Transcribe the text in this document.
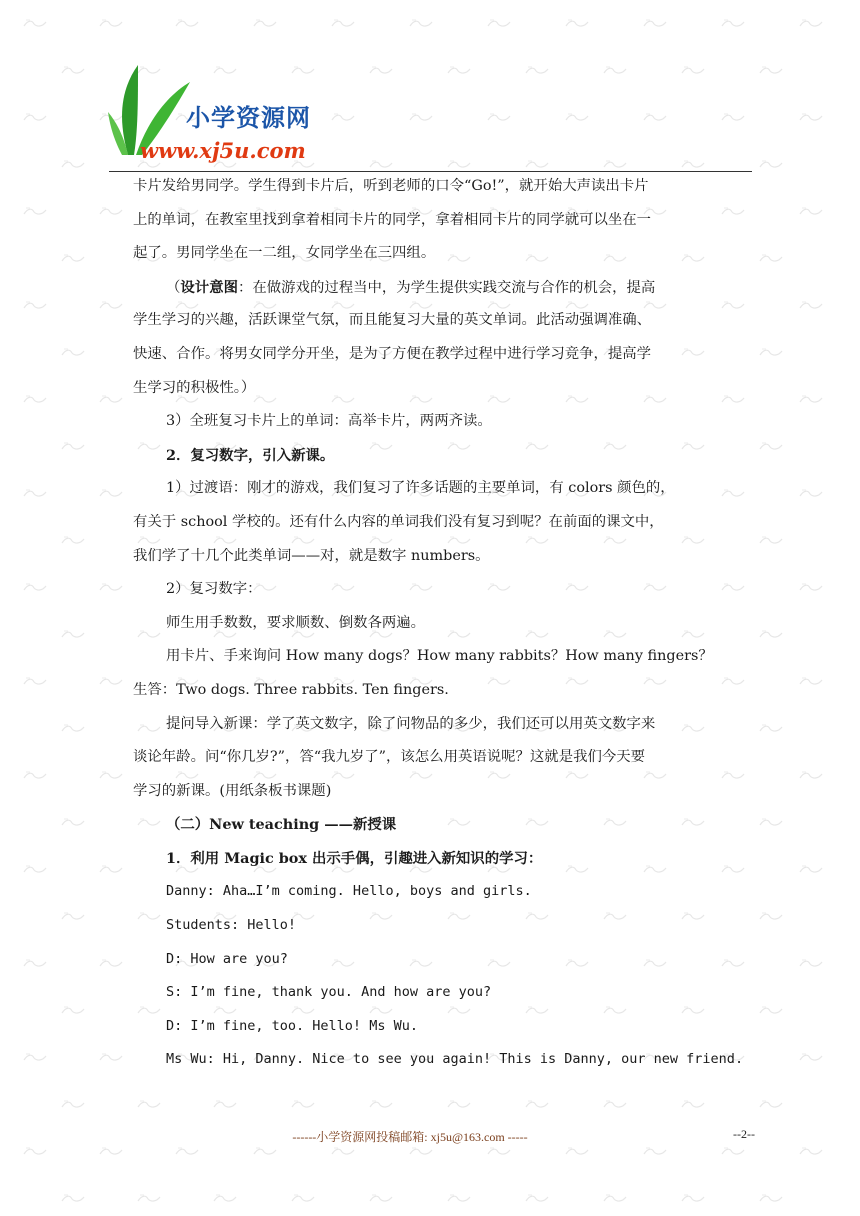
小学资源网
www.xj5u.com
卡片发给男同学。学生得到卡片后，听到老师的口令“Go!”，就开始大声读出卡片
上的单词，在教室里找到拿着相同卡片的同学，拿着相同卡片的同学就可以坐在一
起了。男同学坐在一二组，女同学坐在三四组。
（设计意图：在做游戏的过程当中，为学生提供实践交流与合作的机会，提高
学生学习的兴趣，活跃课堂气氛，而且能复习大量的英文单词。此活动强调准确、
快速、合作。将男女同学分开坐，是为了方便在教学过程中进行学习竞争，提高学
生学习的积极性。）
3）全班复习卡片上的单词：高举卡片，两两齐读。
2．复习数字，引入新课。
1）过渡语：刚才的游戏，我们复习了许多话题的主要单词，有 colors 颜色的，
有关于 school 学校的。还有什么内容的单词我们没有复习到呢？在前面的课文中，
我们学了十几个此类单词——对，就是数字 numbers。
2）复习数字：
师生用手数数，要求顺数、倒数各两遍。
用卡片、手来询问 How many dogs？How many rabbits？How many fingers？
生答：Two dogs. Three rabbits. Ten fingers.
提问导入新课：学了英文数字，除了问物品的多少，我们还可以用英文数字来
谈论年龄。问“你几岁?”，答“我九岁了”，该怎么用英语说呢？这就是我们今天要
学习的新课。(用纸条板书课题)
（二）New teaching ——新授课
1．利用 Magic box 出示手偶，引趣进入新知识的学习：
Danny: Aha…I’m coming. Hello, boys and girls.
Students: Hello!
D: How are you?
S: I’m fine, thank you. And how are you?
D: I’m fine, too. Hello! Ms Wu.
Ms Wu: Hi, Danny. Nice to see you again! This is Danny, our new friend.
------小学资源网投稿邮箱: xj5u@163.com -----	--2--
